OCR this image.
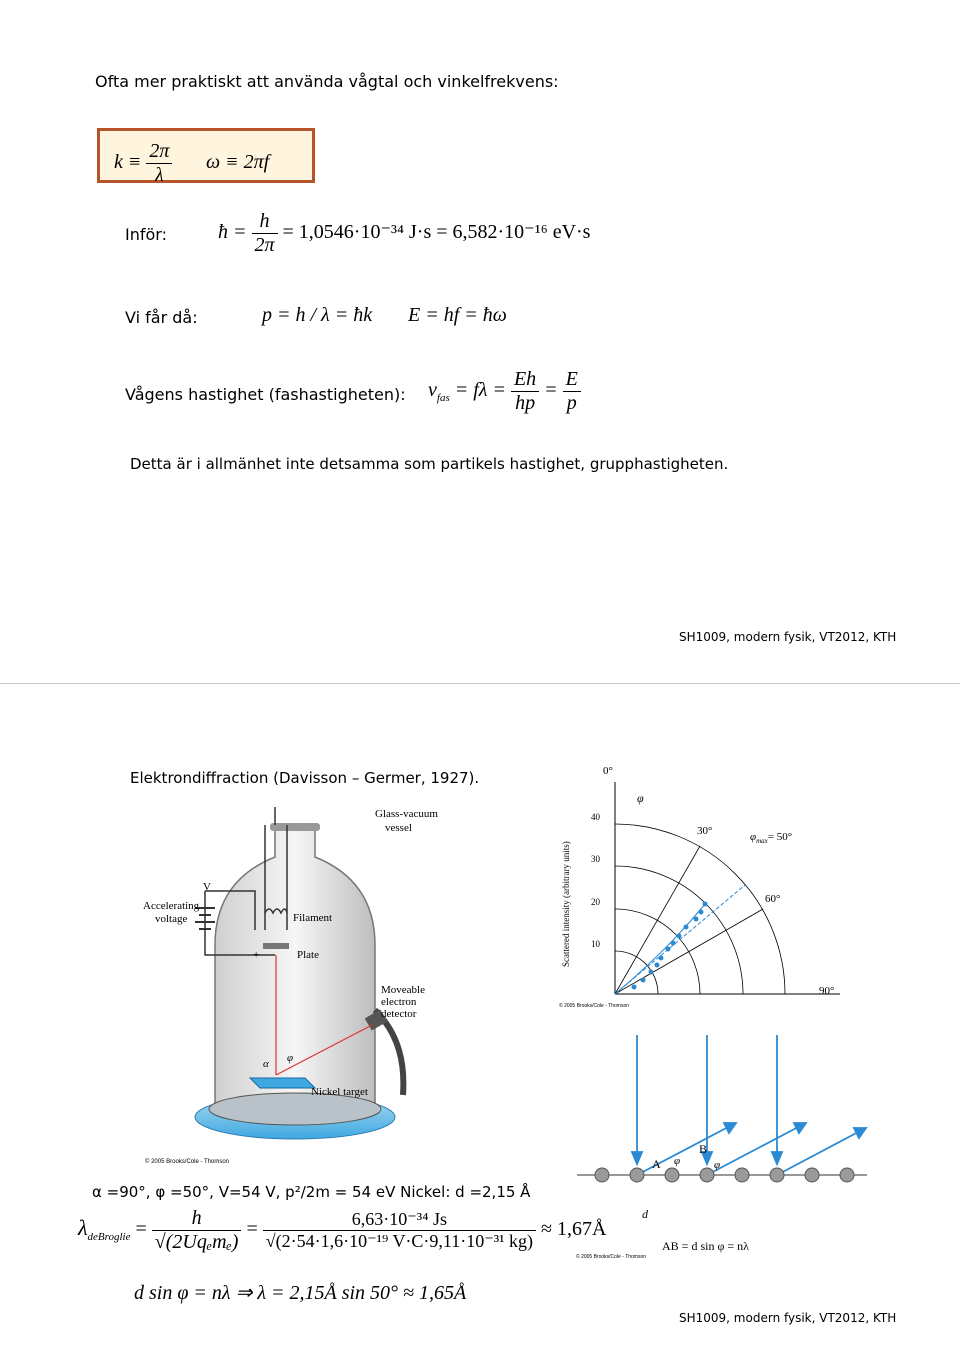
Ofta mer praktiskt att använda vågtal och vinkelfrekvens:
$k \equiv \frac{2\pi}{\lambda}$ ω ≡ 2πf
Inför:	ħ = $\frac{h}{2\pi} = 1,0546\cdot 10^{-34}$ J·s = 6,582·10⁻¹⁶ eV·s
Vi får då:	p = h / λ = ħk E = hf = ħω
Vågens hastighet (fashastigheten): $v_{fas} = f\lambda = \frac{Eh}{hp} = \frac{E}{p}$
Detta är i allmänhet inte detsamma som partikels hastighet, grupphastigheten.
SH1009, modern fysik, VT2012, KTH
Elektrondiffraction (Davisson – Germer, 1927).
Glass-vacuum
vessel
Accelerating
voltage
V
Filament
Plate
+
Moveable
electron
detector
Nickel target
α φ
© 2005 Brooks/Cole - Thomson
0°
30°
60°
90°
φ
$\varphi_{max}= 50^\circ$
40
30
20
10
Scattered intensity (arbitrary units)
© 2005 Brooks/Cole - Thomson
A
B
φ	φ
d
AB = d sin φ = nλ
© 2005 Brooks/Cole - Thomson
α =90°, φ =50°, V=54 V, p²/2m = 54 eV Nickel: d =2,15 Å
$\lambda_{deBroglie} = \frac{h}{\text{√(2Uqₑmₑ)}} = \frac{\text{6,63·10⁻³⁴ Js}}{\text{√(2·54·1,6·10⁻¹⁹ V·C·9,11·10⁻³¹ kg)}}$ ≈ 1,67Å
d sin φ = nλ ⇒ λ = 2,15Å sin 50° ≈ 1,65Å
SH1009, modern fysik, VT2012, KTH
